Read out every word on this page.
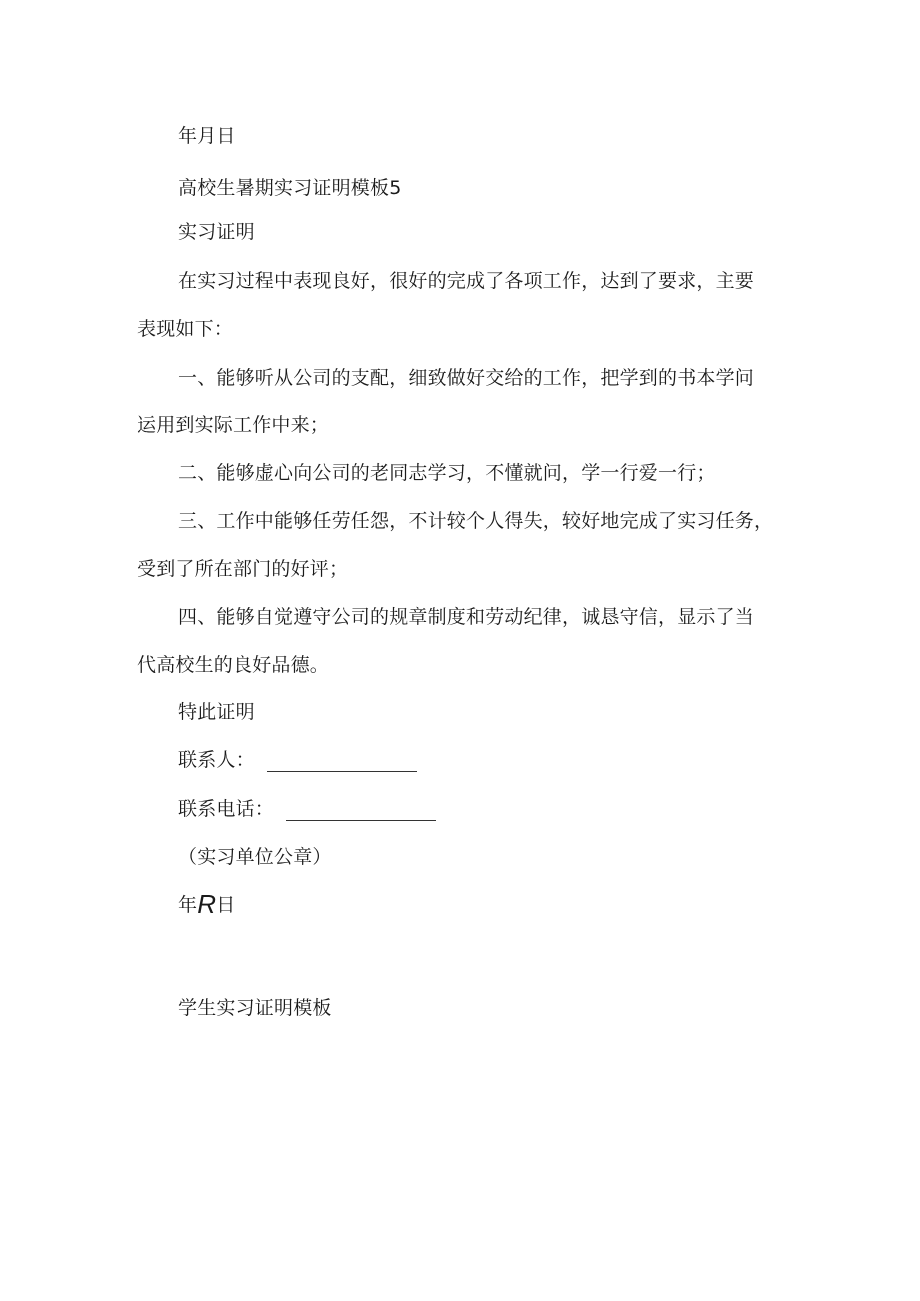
年月日
高校生暑期实习证明模板5
实习证明
在实习过程中表现良好，很好的完成了各项工作，达到了要求，主要
表现如下：
一、能够听从公司的支配，细致做好交给的工作，把学到的书本学问
运用到实际工作中来；
二、能够虚心向公司的老同志学习，不懂就问，学一行爱一行；
三、工作中能够任劳任怨，不计较个人得失，较好地完成了实习任务，
受到了所在部门的好评；
四、能够自觉遵守公司的规章制度和劳动纪律，诚恳守信，显示了当
代高校生的良好品德。
特此证明
联系人：
联系电话：
（实习单位公章）
年R日
学生实习证明模板
